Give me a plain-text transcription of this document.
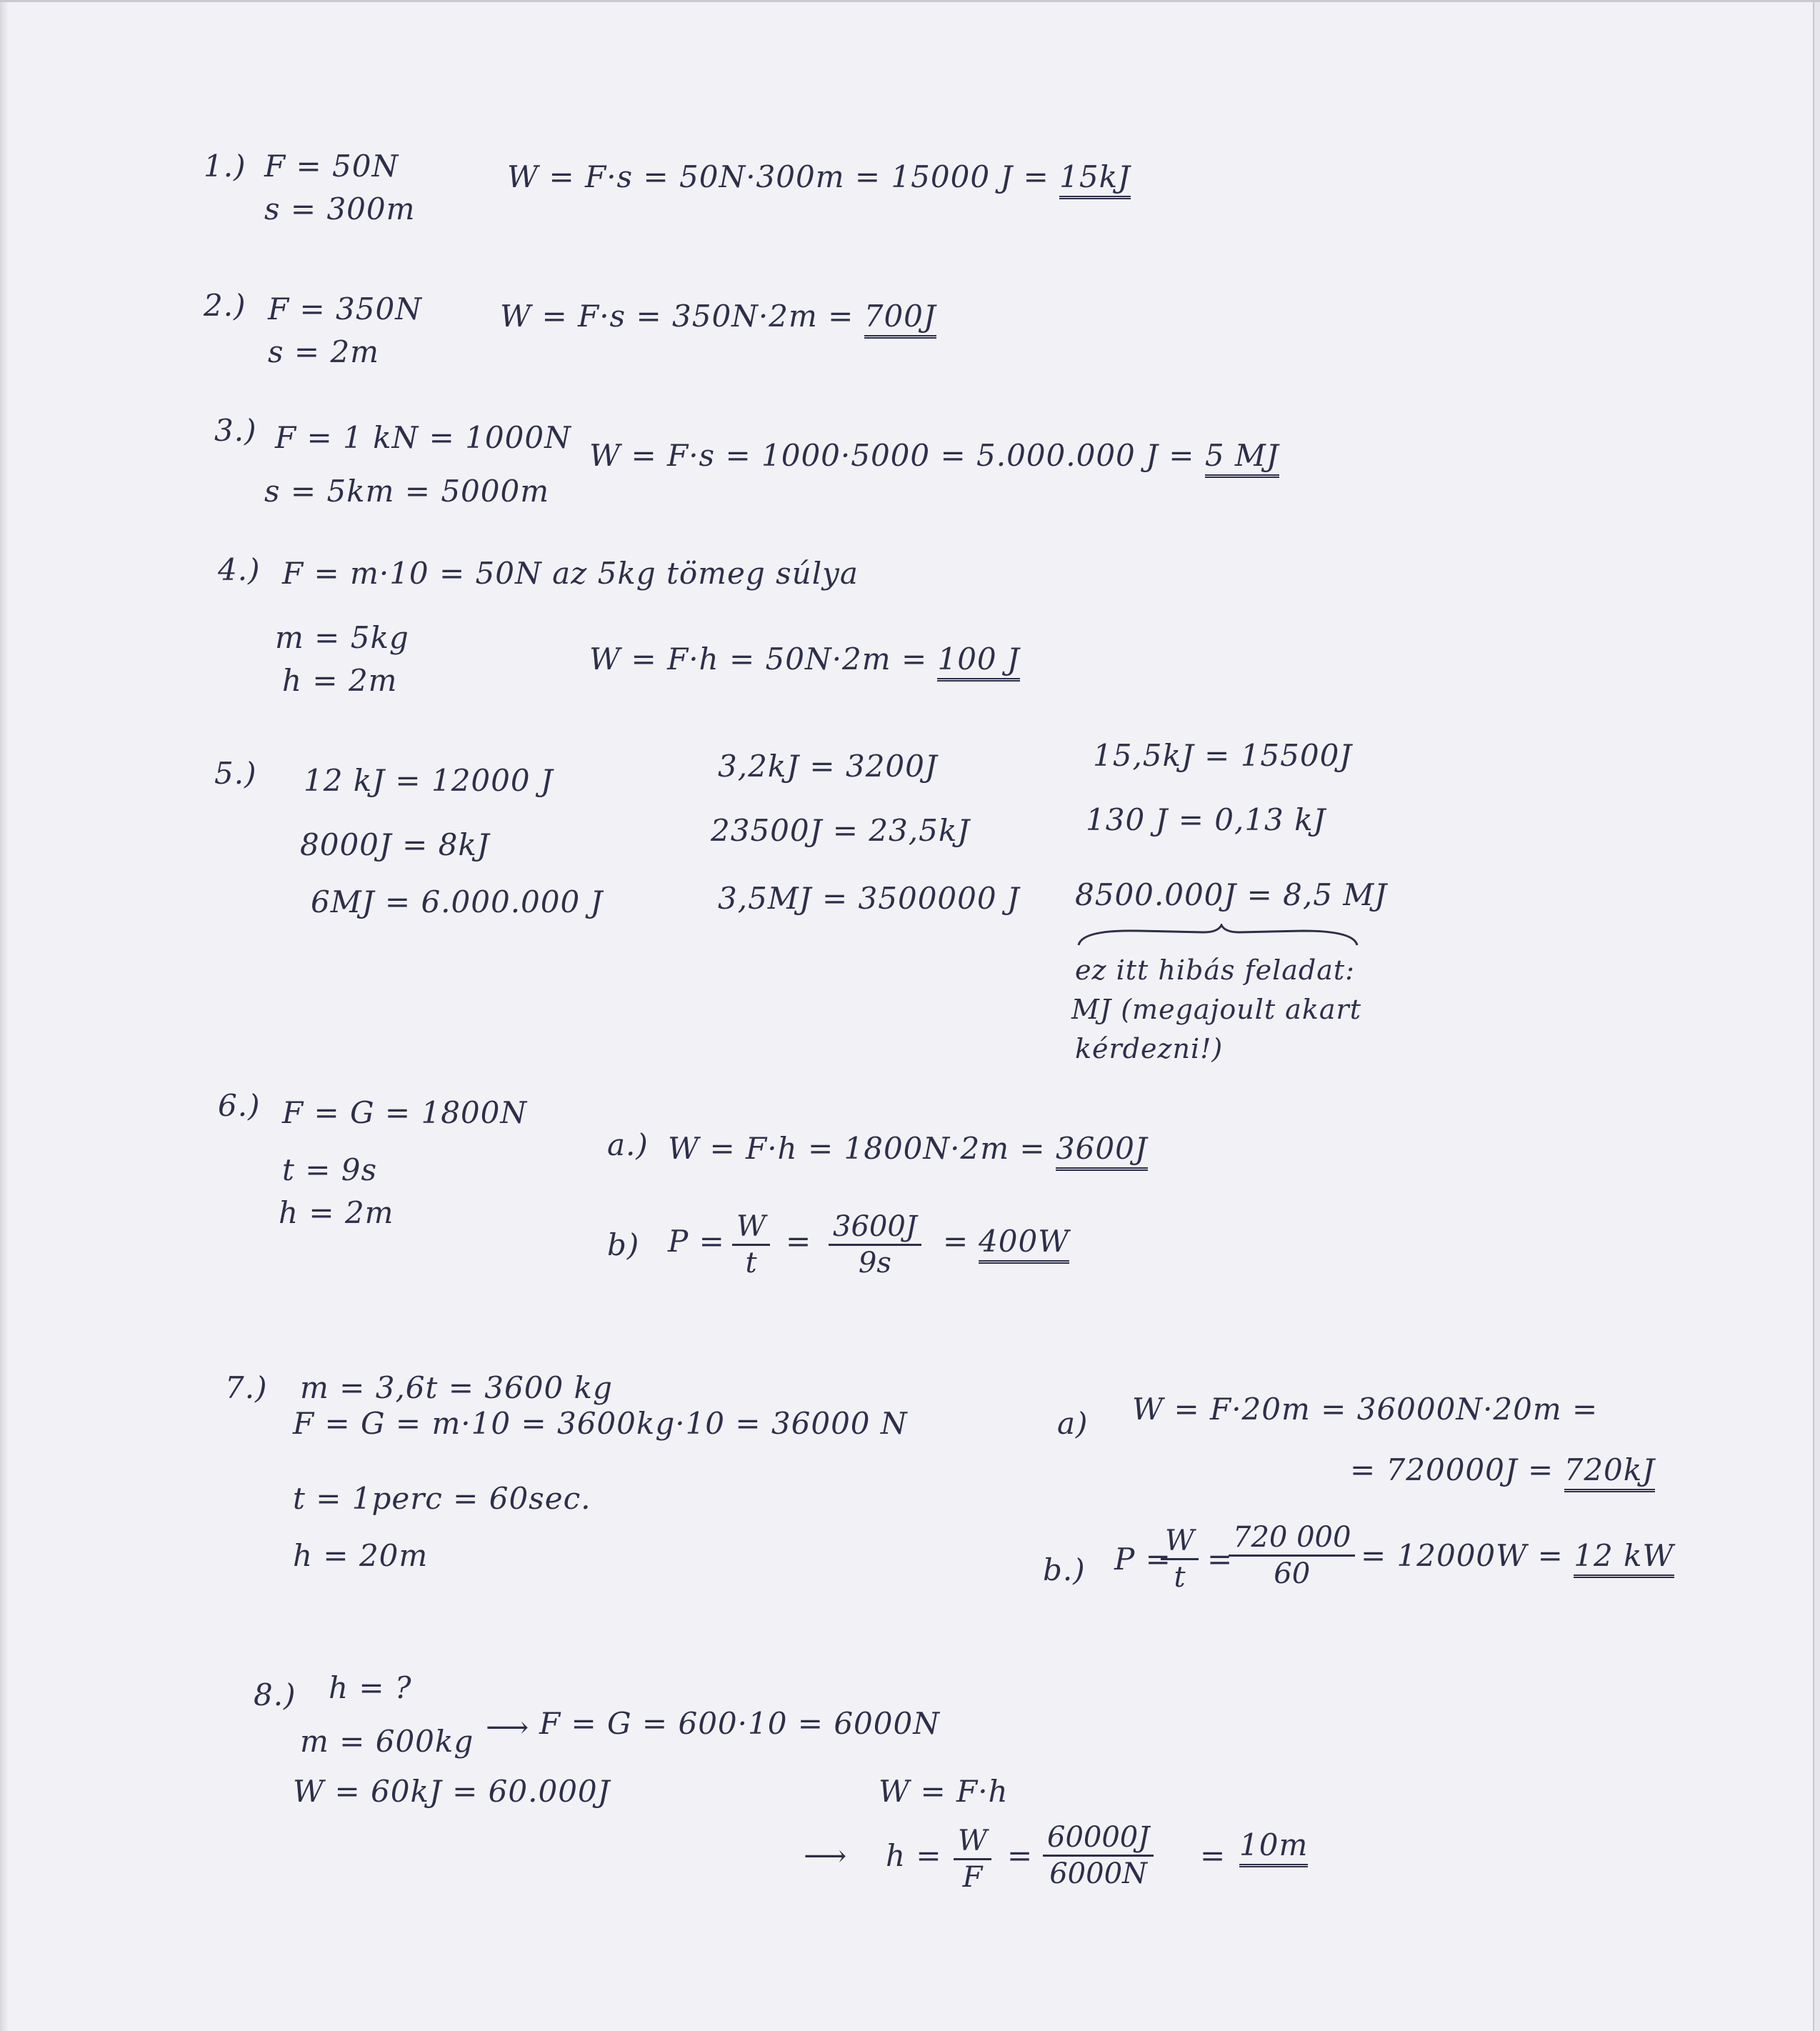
1.) F = 50N
s = 300m
W = F·s = 50N·300m = 15000 J = 15kJ
2.) F = 350N
s = 2m
W = F·s = 350N·2m = 700J
3.) F = 1 kN = 1000N
s = 5km = 5000m
W = F·s = 1000·5000 = 5.000.000 J = 5 MJ
4.) F = m·10 = 50N az 5kg tömeg súlya
m = 5kg
h = 2m
W = F·h = 50N·2m = 100 J
5.) 12 kJ = 12000 J
8000J = 8kJ
6MJ = 6.000.000 J
3,2kJ = 3200J
23500J = 23,5kJ
3,5MJ = 3500000 J
15,5kJ = 15500J
130 J = 0,13 kJ
8500.000J = 8,5 MJ
ez itt hibás feladat:
MJ (megajoult akart
kérdezni!)
6.) F = G = 1800N
t = 9s
h = 2m
a.) W = F·h = 1800N·2m = 3600J
b) $P = \frac{W}{t} = \frac{3600J}{9s} = 400W$
7.) m = 3,6t = 3600 kg
F = G = m·10 = 3600kg·10 = 36000 N
t = 1perc = 60sec.
h = 20m
a) W = F·20m = 36000N·20m =
= 720000J = 720kJ
b.) P =
$\frac{W}{t}$ =
$\frac{720 000}{60} = 12000W = 12$ kW
8.) h = ?
m = 600kg ⟶ F = G = 600·10 = 6000N
W = 60kJ = 60.000J	W = F·h
⟶ $h = \frac{W}{F} = \frac{60000J}{6000N} = 10m$
